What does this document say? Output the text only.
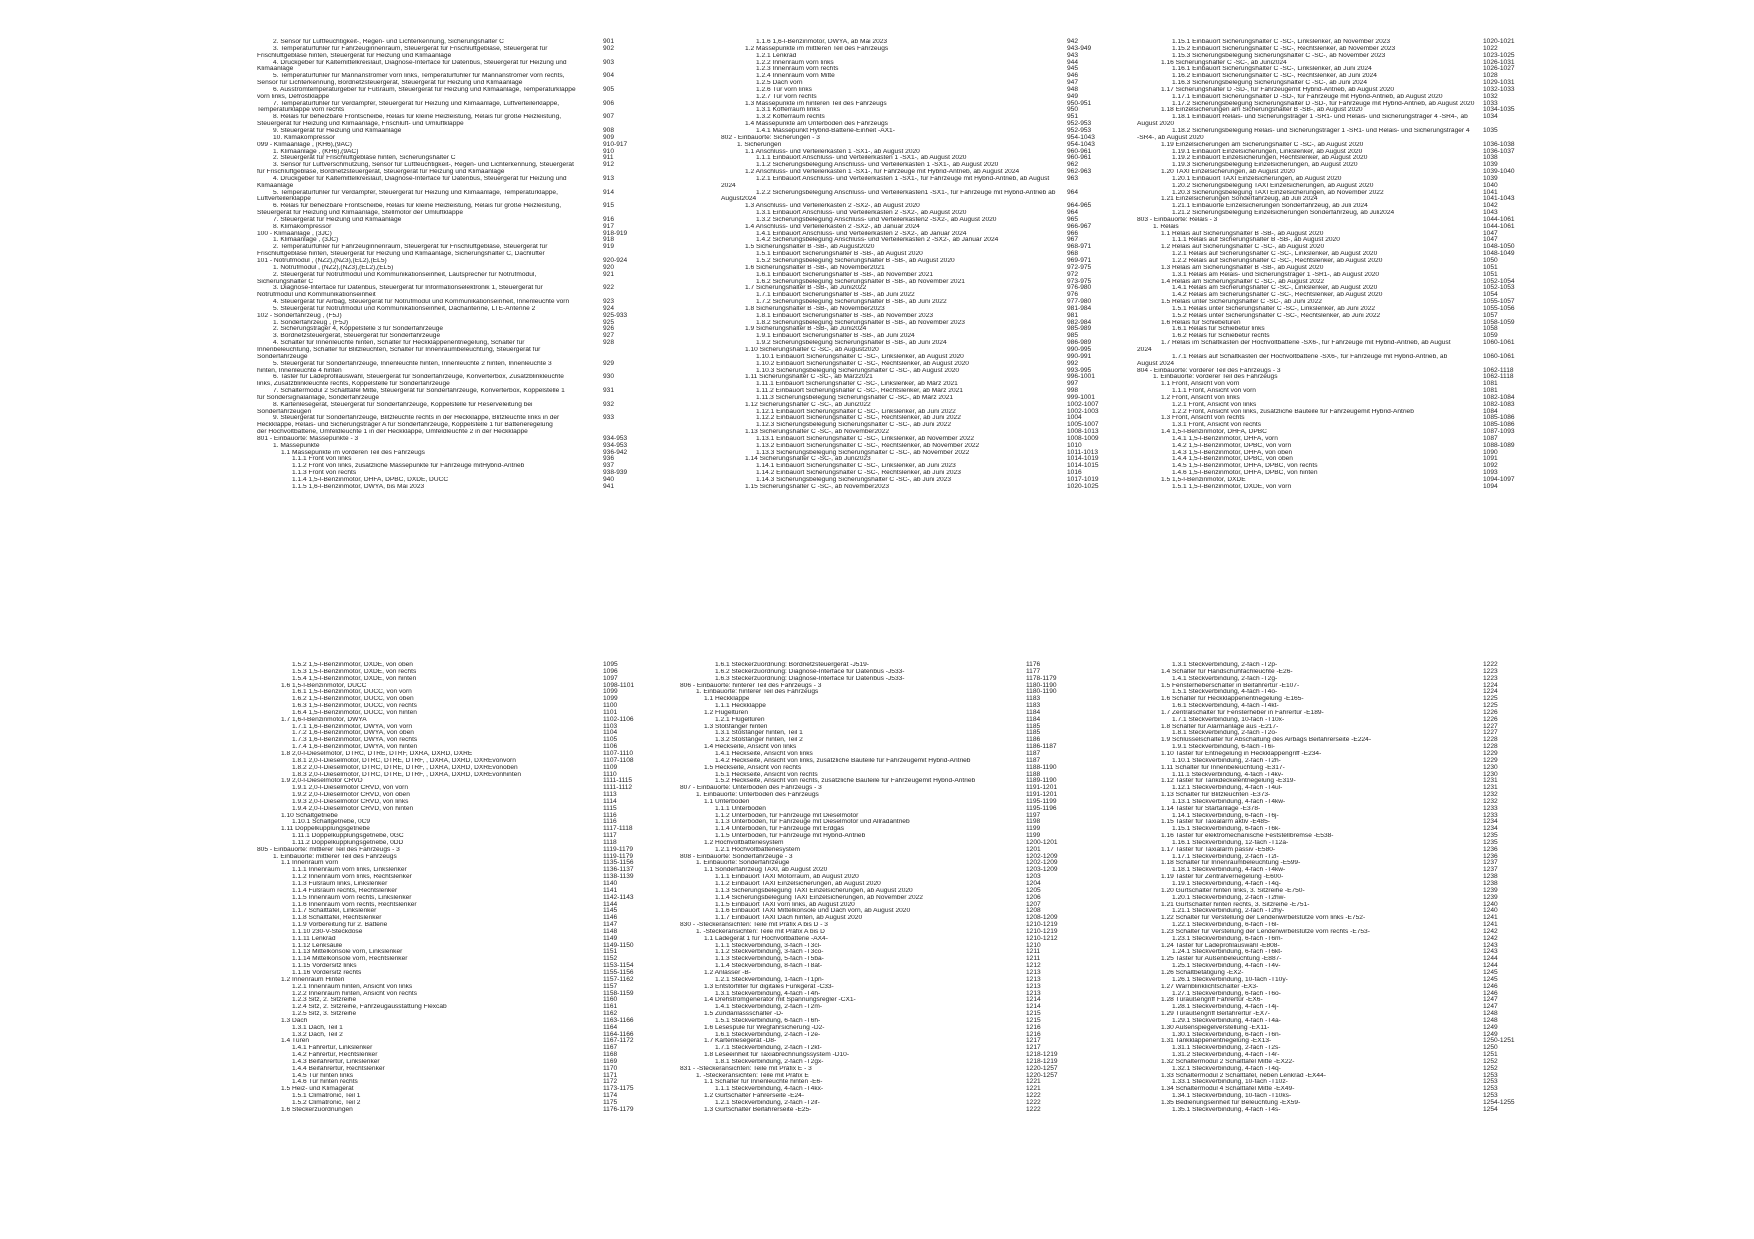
2. Sensor für Luftfeuchtigkeit-, Regen- und Lichterkennung, Sicherungshalter C	901
3. Temperaturfühler für Fahrzeuginnenraum, Steuergerät für Frischluftgebläse, Steuergerät für	902
Frischluftgebläse hinten, Steuergerät für Heizung und Klimaanlage
4. Druckgeber für Kältemittelkreislauf, Diagnose-Interface für Datenbus, Steuergerät für Heizung und	903
Klimaanlage
5. Temperaturfühler für Mannanströmer vorn links, Temperaturfühler für Mannanströmer vorn rechts,	904
Sensor für Lichterkennung, Bordnetzsteuergerät, Steuergerät für Heizung und Klimaanlage
6. Ausströmtemperaturgeber für Fußraum, Steuergerät für Heizung und Klimaanlage, Temperaturklappe	905
vorn links, Defrostklappe
7. Temperaturfühler für Verdampfer, Steuergerät für Heizung und Klimaanlage, Luftverteilerklappe,	906
Temperaturklappe vorn rechts
8. Relais für beheizbare Frontscheibe, Relais für kleine Heizleistung, Relais für große Heizleistung,	907
Steuergerät für Heizung und Klimaanlage, Frischluft- und Umluftklappe
9. Steuergerät für Heizung und Klimaanlage	908
10. Klimakompressor	909
099 - Klimaanlage , (KH6),(9AC)	910-917
1. Klimaanlage , (KH6),(9AC)	910
2. Steuergerät für Frischluftgebläse hinten, Sicherungshalter C	911
3. Sensor für Luftverschmutzung, Sensor für Luftfeuchtigkeit-, Regen- und Lichterkennung, Steuergerät	912
für Frischluftgebläse, Bordnetzsteuergerät, Steuergerät für Heizung und Klimaanlage
4. Druckgeber für Kältemittelkreislauf, Diagnose-Interface für Datenbus, Steuergerät für Heizung und	913
Klimaanlage
5. Temperaturfühler für Verdampfer, Steuergerät für Heizung und Klimaanlage, Temperaturklappe,	914
Luftverteilerklappe
6. Relais für beheizbare Frontscheibe, Relais für kleine Heizleistung, Relais für große Heizleistung,	915
Steuergerät für Heizung und Klimaanlage, Stellmotor der Umluftklappe
7. Steuergerät für Heizung und Klimaanlage	916
8. Klimakompressor	917
100 - Klimaanlage , (3JC)	918-919
1. Klimaanlage , (3JC)	918
2. Temperaturfühler für Fahrzeuginnenraum, Steuergerät für Frischluftgebläse, Steuergerät für	919
Frischluftgebläse hinten, Steuergerät für Heizung und Klimaanlage, Sicherungshalter C, Dachlüfter
101 - Notrufmodul , (NZ2),(NZ3),(EL2),(EL5)	920-924
1. Notrufmodul , (NZ2),(NZ3),(EL2),(EL5)	920
2. Steuergerät für Notrufmodul und Kommunikationseinheit, Lautsprecher für Notrufmodul,	921
Sicherungshalter C
3. Diagnose-Interface für Datenbus, Steuergerät für Informationselektronik 1, Steuergerät für	922
Notrufmodul und Kommunikationseinheit
4. Steuergerät für Airbag, Steuergerät für Notrufmodul und Kommunikationseinheit, Innenleuchte vorn	923
5. Steuergerät für Notrufmodul und Kommunikationseinheit, Dachantenne, LTE-Antenne 2	924
102 - Sonderfahrzeug , (F5J)	925-933
1. Sonderfahrzeug , (F5J)	925
2. Sicherungsträger 4, Koppelstelle 3 für Sonderfahrzeuge	926
3. Bordnetzsteuergerät, Steuergerät für Sonderfahrzeuge	927
4. Schalter für Innenleuchte hinten, Schalter für Heckklappenentriegelung, Schalter für	928
Innenbeleuchtung, Schalter für Blitzleuchten, Schalter für Innenraumbeleuchtung, Steuergerät für
Sonderfahrzeuge
5. Steuergerät für Sonderfahrzeuge, Innenleuchte hinten, Innenleuchte 2 hinten, Innenleuchte 3	929
hinten, Innenleuchte 4 hinten
6. Taster für Ladeprofilauswahl, Steuergerät für Sonderfahrzeuge, Konverterbox, Zusatzblinkleuchte	930
links, Zusatzblinkleuchte rechts, Koppelstelle für Sonderfahrzeuge
7. Schaltermodul 2 Schalttafel Mitte, Steuergerät für Sonderfahrzeuge, Konverterbox, Koppelstelle 1	931
für Sondersignalanlage, Sonderfahrzeuge
8. Kartenlesegerät, Steuergerät für Sonderfahrzeuge, Koppelstelle für Reserveleitung bei	932
Sonderfahrzeugen
9. Steuergerät für Sonderfahrzeuge, Blitzleuchte rechts in der Heckklappe, Blitzleuchte links in der	933
Heckklappe, Relais- und Sicherungsträger A für Sonderfahrzeuge, Koppelstelle 1 für Batterieregelung
der Hochvoltbatterie, Umfeldleuchte 1 in der Heckklappe, Umfeldleuchte 2 in der Heckklappe
801 - Einbauorte: Massepunkte - 3	934-953
1. Massepunkte	934-953
1.1 Massepunkte im vorderen Teil des Fahrzeugs	936-942
1.1.1 Front von links	936
1.1.2 Front von links, zusätzliche Massepunkte für Fahrzeuge mitHybrid-Antrieb	937
1.1.3 Front von rechts	938-939
1.1.4 1,5-l-Benzinmotor, DHFA, DPBC, DXDE, DUCC	940
1.1.5 1,6-l-Benzinmotor, DWYA, bis Mai 2023	941
1.1.6 1,6-l-Benzinmotor, DWYA, ab Mai 2023	942
1.2 Massepunkte im mittleren Teil des Fahrzeugs	943-949
1.2.1 Lenkrad	943
1.2.2 Innenraum vorn links	944
1.2.3 Innenraum vorn rechts	945
1.2.4 Innenraum vorn Mitte	946
1.2.5 Dach vorn	947
1.2.6 Tür vorn links	948
1.2.7 Tür vorn rechts	949
1.3 Massepunkte im hinteren Teil des Fahrzeugs	950-951
1.3.1 Kofferraum links	950
1.3.2 Kofferraum rechts	951
1.4 Massepunkte am Unterboden des Fahrzeugs	952-953
1.4.1 Massepunkt Hybrid-Batterie-Einheit -AX1-	952-953
802 - Einbauorte: Sicherungen - 3	954-1043
1. Sicherungen	954-1043
1.1 Anschluss- und Verteilerkasten 1 -SX1-, ab August 2020	960-961
1.1.1 Einbauort Anschluss- und Verteilerkasten 1 -SX1-, ab August 2020	960-961
1.1.2 Sicherungsbelegung Anschluss- und Verteilerkasten 1 -SX1-, ab August 2020	962
1.2 Anschluss- und Verteilerkasten 1 -SX1-, für Fahrzeuge mit Hybrid-Antrieb, ab August 2024	962-963
1.2.1 Einbauort Anschluss- und Verteilerkasten 1 -SX1-, für Fahrzeuge mit Hybrid-Antrieb, ab August	963
2024
1.2.2 Sicherungsbelegung Anschluss- und Verteilerkasten1 -SX1-, für Fahrzeuge mit Hybrid-Antrieb ab	964
August2024
1.3 Anschluss- und Verteilerkasten 2 -SX2-, ab August 2020	964-965
1.3.1 Einbauort Anschluss- und Verteilerkasten 2 -SX2-, ab August 2020	964
1.3.2 Sicherungsbelegung Anschluss- und Verteilerkasten2 -SX2-, ab August 2020	965
1.4 Anschluss- und Verteilerkasten 2 -SX2-, ab Januar 2024	966-967
1.4.1 Einbauort Anschluss- und Verteilerkasten 2 -SX2-, ab Januar 2024	966
1.4.2 Sicherungsbelegung Anschluss- und Verteilerkasten 2 -SX2-, ab Januar 2024	967
1.5 Sicherungshalter B -SB-, ab August2020	968-971
1.5.1 Einbauort Sicherungshalter B -SB-, ab August 2020	968
1.5.2 Sicherungsbelegung Sicherungshalter B -SB-, ab August 2020	969-971
1.6 Sicherungshalter B -SB-, ab November2021	972-975
1.6.1 Einbauort Sicherungshalter B -SB-, ab November 2021	972
1.6.2 Sicherungsbelegung Sicherungshalter B -SB-, ab November 2021	973-975
1.7 Sicherungshalter B -SB-, ab Juni2022	976-980
1.7.1 Einbauort Sicherungshalter B -SB-, ab Juni 2022	976
1.7.2 Sicherungsbelegung Sicherungshalter B -SB-, ab Juni 2022	977-980
1.8 Sicherungshalter B -SB-, ab November2023	981-984
1.8.1 Einbauort Sicherungshalter B -SB-, ab November 2023	981
1.8.2 Sicherungsbelegung Sicherungshalter B -SB-, ab November 2023	982-984
1.9 Sicherungshalter B -SB-, ab Juni2024	985-989
1.9.1 Einbauort Sicherungshalter B -SB-, ab Juni 2024	985
1.9.2 Sicherungsbelegung Sicherungshalter B -SB-, ab Juni 2024	986-989
1.10 Sicherungshalter C -SC-, ab August2020	990-995
1.10.1 Einbauort Sicherungshalter C -SC-, Linkslenker, ab August 2020	990-991
1.10.2 Einbauort Sicherungshalter C -SC-, Rechtslenker, ab August 2020	992
1.10.3 Sicherungsbelegung Sicherungshalter C -SC-, ab August 2020	993-995
1.11 Sicherungshalter C -SC-, ab März2021	996-1001
1.11.1 Einbauort Sicherungshalter C -SC-, Linkslenker, ab März 2021	997
1.11.2 Einbauort Sicherungshalter C -SC-, Rechtslenker, ab März 2021	998
1.11.3 Sicherungsbelegung Sicherungshalter C -SC-, ab März 2021	999-1001
1.12 Sicherungshalter C -SC-, ab Juni2022	1002-1007
1.12.1 Einbauort Sicherungshalter C -SC-, Linkslenker, ab Juni 2022	1002-1003
1.12.2 Einbauort Sicherungshalter C -SC-, Rechtslenker, ab Juni 2022	1004
1.12.3 Sicherungsbelegung Sicherungshalter C -SC-, ab Juni 2022	1005-1007
1.13 Sicherungshalter C -SC-, ab November2022	1008-1013
1.13.1 Einbauort Sicherungshalter C -SC-, Linkslenker, ab November 2022	1008-1009
1.13.2 Einbauort Sicherungshalter C -SC-, Rechtslenker, ab November 2022	1010
1.13.3 Sicherungsbelegung Sicherungshalter C -SC-, ab November 2022	1011-1013
1.14 Sicherungshalter C -SC-, ab Juni2023	1014-1019
1.14.1 Einbauort Sicherungshalter C -SC-, Linkslenker, ab Juni 2023	1014-1015
1.14.2 Einbauort Sicherungshalter C -SC-, Rechtslenker, ab Juni 2023	1016
1.14.3 Sicherungsbelegung Sicherungshalter C -SC-, ab Juni 2023	1017-1019
1.15 Sicherungshalter C -SC-, ab November2023	1020-1025
1.15.1 Einbauort Sicherungshalter C -SC-, Linkslenker, ab November 2023	1020-1021
1.15.2 Einbauort Sicherungshalter C -SC-, Rechtslenker, ab November 2023	1022
1.15.3 Sicherungsbelegung Sicherungshalter C -SC-, ab November 2023	1023-1025
1.16 Sicherungshalter C -SC-, ab Juni2024	1026-1031
1.16.1 Einbauort Sicherungshalter C -SC-, Linkslenker, ab Juni 2024	1026-1027
1.16.2 Einbauort Sicherungshalter C -SC-, Rechtslenker, ab Juni 2024	1028
1.16.3 Sicherungsbelegung Sicherungshalter C -SC-, ab Juni 2024	1029-1031
1.17 Sicherungshalter D -SD-, für Fahrzeugemit Hybrid-Antrieb, ab August 2020	1032-1033
1.17.1 Einbauort Sicherungshalter D -SD-, für Fahrzeuge mit Hybrid-Antrieb, ab August 2020	1032
1.17.2 Sicherungsbelegung Sicherungshalter D -SD-, für Fahrzeuge mit Hybrid-Antrieb, ab August 2020	1033
1.18 Einzelsicherungen am Sicherungshalter B -SB-, ab August 2020	1034-1035
1.18.1 Einbauort Relais- und Sicherungsträger 1 -SR1- und Relais- und Sicherungsträger 4 -SR4-, ab	1034
August 2020
1.18.2 Sicherungsbelegung Relais- und Sicherungsträger 1 -SR1- und Relais- und Sicherungsträger 4	1035
-SR4-, ab August 2020
1.19 Einzelsicherungen am Sicherungshalter C -SC-, ab August 2020	1036-1038
1.19.1 Einbauort Einzelsicherungen, Linkslenker, ab August 2020	1036-1037
1.19.2 Einbauort Einzelsicherungen, Rechtslenker, ab August 2020	1038
1.19.3 Sicherungsbelegung Einzelsicherungen, ab August 2020	1039
1.20 TAXI Einzelsicherungen, ab August 2020	1039-1040
1.20.1 Einbauort TAXI Einzelsicherungen, ab August 2020	1039
1.20.2 Sicherungsbelegung TAXI Einzelsicherungen, ab August 2020	1040
1.20.3 Sicherungsbelegung TAXI Einzelsicherungen, ab November 2022	1041
1.21 Einzelsicherungen Sonderfahrzeug, ab Juli 2024	1041-1043
1.21.1 Einbauorte Einzelsicherungen Sonderfahrzeug, ab Juli 2024	1042
1.21.2 Sicherungsbelegung Einzelsicherungen Sonderfahrzeug, ab Juli2024	1043
803 - Einbauorte: Relais - 3	1044-1061
1. Relais	1044-1061
1.1 Relais auf Sicherungshalter B -SB-, ab August 2020	1047
1.1.1 Relais auf Sicherungshalter B -SB-, ab August 2020	1047
1.2 Relais auf Sicherungshalter C -SC-, ab August 2020	1048-1050
1.2.1 Relais auf Sicherungshalter C -SC-, Linkslenker, ab August 2020	1048-1049
1.2.2 Relais auf Sicherungshalter C -SC-, Rechtslenker, ab August 2020	1050
1.3 Relais am Sicherungshalter B -SB-, ab August 2020	1051
1.3.1 Relais am Relais- und Sicherungsträger 1 -SR1-, ab August 2020	1051
1.4 Relais am Sicherungshalter C -SC-, ab August 2022	1052-1054
1.4.1 Relais am Sicherungshalter C -SC-, Linkslenker, ab August 2020	1052-1053
1.4.2 Relais am Sicherungshalter C -SC-, Rechtslenker, ab August 2020	1054
1.5 Relais unter Sicherungshalter C -SC-, ab Juni 2022	1055-1057
1.5.1 Relais unter Sicherungshalter C -SC-, Linkslenker, ab Juni 2022	1055-1056
1.5.2 Relais unter Sicherungshalter C -SC-, Rechtslenker, ab Juni 2022	1057
1.6 Relais für Schiebetüren	1058-1059
1.6.1 Relais für Schiebetür links	1058
1.6.2 Relais für Schiebetür rechts	1059
1.7 Relais im Schaltkasten der Hochvoltbatterie -SX6-, für Fahrzeuge mit Hybrid-Antrieb, ab August	1060-1061
2024
1.7.1 Relais auf Schaltkasten der Hochvoltbatterie -SX6-, für Fahrzeuge mit Hybrid-Antrieb, ab	1060-1061
August 2024
804 - Einbauorte: vorderer Teil des Fahrzeugs - 3	1062-1118
1. Einbauorte: vorderer Teil des Fahrzeugs	1062-1118
1.1 Front, Ansicht von vorn	1081
1.1.1 Front, Ansicht von vorn	1081
1.2 Front, Ansicht von links	1082-1084
1.2.1 Front, Ansicht von links	1082-1083
1.2.2 Front, Ansicht von links, zusätzliche Bauteile für Fahrzeugemit Hybrid-Antrieb	1084
1.3 Front, Ansicht von rechts	1085-1086
1.3.1 Front, Ansicht von rechts	1085-1086
1.4 1,5-l-Benzinmotor, DHFA, DPBC	1087-1093
1.4.1 1,5-l-Benzinmotor, DHFA, vorn	1087
1.4.2 1,5-l-Benzinmotor, DPBC, von vorn	1088-1089
1.4.3 1,5-l-Benzinmotor, DHFA, von oben	1090
1.4.4 1,5-l-Benzinmotor, DPBC, von oben	1091
1.4.5 1,5-l-Benzinmotor, DHFA, DPBC, von rechts	1092
1.4.6 1,5-l-Benzinmotor, DHFA, DPBC, von hinten	1093
1.5 1,5-l-Benzinmotor, DXDE	1094-1097
1.5.1 1,5-l-Benzinmotor, DXDE, von vorn	1094
1.5.2 1,5-l-Benzinmotor, DXDE, von oben	1095
1.5.3 1,5-l-Benzinmotor, DXDE, von rechts	1096
1.5.4 1,5-l-Benzinmotor, DXDE, von hinten	1097
1.6 1,5-l-Benzinmotor, DUCC	1098-1101
1.6.1 1,5-l-Benzinmotor, DUCC, von vorn	1099
1.6.2 1,5-l-Benzinmotor, DUCC, von oben	1099
1.6.3 1,5-l-Benzinmotor, DUCC, von rechts	1100
1.6.4 1,5-l-Benzinmotor, DUCC, von hinten	1101
1.7 1,6-l-Benzinmotor, DWYA	1102-1106
1.7.1 1,6-l-Benzinmotor, DWYA, von vorn	1103
1.7.2 1,6-l-Benzinmotor, DWYA, von oben	1104
1.7.3 1,6-l-Benzinmotor, DWYA, von rechts	1105
1.7.4 1,6-l-Benzinmotor, DWYA, von hinten	1106
1.8 2,0-l-Dieselmotor, DTRC, DTRE, DTRF, DXRA, DXRD, DXRE	1107-1110
1.8.1 2,0-l-Dieselmotor, DTRC, DTRE, DTRF, , DXRA, DXRD, DXREvonvorn	1107-1108
1.8.2 2,0-l-Dieselmotor, DTRC, DTRE, DTRF, , DXRA, DXRD, DXREvonoben	1109
1.8.3 2,0-l-Dieselmotor, DTRC, DTRE, DTRF, , DXRA, DXRD, DXREvonhinten	1110
1.9 2,0-l-Dieselmotor CRVD	1111-1115
1.9.1 2,0-l-Dieselmotor CRVD, von vorn	1111-1112
1.9.2 2,0-l-Dieselmotor CRVD, von oben	1113
1.9.3 2,0-l-Dieselmotor CRVD, von links	1114
1.9.4 2,0-l-Dieselmotor CRVD, von hinten	1115
1.10 Schaltgetriebe	1116
1.10.1 Schaltgetriebe, 0C9	1116
1.11 Doppelkupplungsgetriebe	1117-1118
1.11.1 Doppelkupplungsgetriebe, 0GC	1117
1.11.2 Doppelkupplungsgetriebe, 0DD	1118
805 - Einbauorte: mittlerer Teil des Fahrzeugs - 3	1119-1179
1. Einbauorte: mittlerer Teil des Fahrzeugs	1119-1179
1.1 Innenraum vorn	1135-1156
1.1.1 Innenraum vorn links, Linkslenker	1136-1137
1.1.2 Innenraum vorn links, Rechtslenker	1138-1139
1.1.3 Fußraum links, Linkslenker	1140
1.1.4 Fußraum rechts, Rechtslenker	1141
1.1.5 Innenraum vorn rechts, Linkslenker	1142-1143
1.1.6 Innenraum vorn rechts, Rechtslenker	1144
1.1.7 Schalttafel, Linkslenker	1145
1.1.8 Schalttafel, Rechtslenker	1146
1.1.9 Vorbereitung für 2. Batterie	1147
1.1.10 230-V-Steckdose	1148
1.1.11 Lenkrad	1149
1.1.12 Lenksäule	1149-1150
1.1.13 Mittelkonsole vorn, Linkslenker	1151
1.1.14 Mittelkonsole vorn, Rechtslenker	1152
1.1.15 Vordersitz links	1153-1154
1.1.16 Vordersitz rechts	1155-1156
1.2 Innenraum Hinten	1157-1162
1.2.1 Innenraum hinten, Ansicht von links	1157
1.2.2 Innenraum hinten, Ansicht von rechts	1158-1159
1.2.3 Sitz, 2. Sitzreihe	1160
1.2.4 Sitz, 2. Sitzreihe, Fahrzeugausstattung Flexcab	1161
1.2.5 Sitz, 3. Sitzreihe	1162
1.3 Dach	1163-1166
1.3.1 Dach, Teil 1	1164
1.3.2 Dach, Teil 2	1164-1166
1.4 Türen	1167-1172
1.4.1 Fahrertür, Linkslenker	1167
1.4.2 Fahrertür, Rechtslenker	1168
1.4.3 Beifahrertür, Linkslenker	1169
1.4.4 Beifahrertür, Rechtslenker	1170
1.4.5 Tür hinten links	1171
1.4.6 Tür hinten rechts	1172
1.5 Heiz- und Klimagerät	1173-1175
1.5.1 Climatronic, Teil 1	1174
1.5.2 Climatronic, Teil 2	1175
1.6 Steckerzuordnungen	1176-1179
1.6.1 Steckerzuordnung: Bordnetzsteuergerät -J519-	1176
1.6.2 Steckerzuordnung: Diagnose-Interface für Datenbus -J533-	1177
1.6.3 Steckerzuordnung: Diagnose-Interface für Datenbus -J533-	1178-1179
806 - Einbauorte: hinterer Teil des Fahrzeugs - 3	1180-1190
1. Einbauorte: hinterer Teil des Fahrzeugs	1180-1190
1.1 Heckklappe	1183
1.1.1 Heckklappe	1183
1.2 Flügeltüren	1184
1.2.1 Flügeltüren	1184
1.3 Stoßfänger hinten	1185
1.3.1 Stoßfänger hinten, Teil 1	1185
1.3.2 Stoßfänger hinten, Teil 2	1186
1.4 Heckseite, Ansicht von links	1186-1187
1.4.1 Heckseite, Ansicht von links	1187
1.4.2 Heckseite, Ansicht von links, zusätzliche Bauteile für Fahrzeugemit Hybrid-Antrieb	1187
1.5 Heckseite, Ansicht von rechts	1188-1190
1.5.1 Heckseite, Ansicht von rechts	1188
1.5.2 Heckseite, Ansicht von rechts, zusätzliche Bauteile für Fahrzeugemit Hybrid-Antrieb	1189-1190
807 - Einbauorte: Unterboden des Fahrzeugs - 3	1191-1201
1. Einbauorte: Unterboden des Fahrzeugs	1191-1201
1.1 Unterboden	1195-1199
1.1.1 Unterboden	1195-1196
1.1.2 Unterboden, für Fahrzeuge mit Dieselmotor	1197
1.1.3 Unterboden, für Fahrzeuge mit Dieselmotor und Allradantrieb	1198
1.1.4 Unterboden, für Fahrzeuge mit Erdgas	1199
1.1.5 Unterboden, für Fahrzeuge mit Hybrid-Antrieb	1199
1.2 Hochvoltbatteriesystem	1200-1201
1.2.1 Hochvoltbatteriesystem	1201
808 - Einbauorte: Sonderfahrzeuge - 3	1202-1209
1. Einbauorte: Sonderfahrzeuge	1202-1209
1.1 Sonderfahrzeug TAXI, ab August 2020	1203-1209
1.1.1 Einbauort TAXI Motorraum, ab August 2020	1203
1.1.2 Einbauort TAXI Einzelsicherungen, ab August 2020	1204
1.1.3 Sicherungsbelegung TAXI Einzelsicherungen, ab August 2020	1205
1.1.4 Sicherungsbelegung TAXI Einzelsicherungen, ab November 2022	1206
1.1.5 Einbauort TAXI vorn links, ab August 2020	1207
1.1.6 Einbauort TAXI Mittelkonsole und Dach vorn, ab August 2020	1208
1.1.7 Einbauort TAXI Dach hinten, ab August 2020	1208-1209
830 - -Steckeransichten: Teile mit Präfix A bis D - 3	1210-1219
1. -Steckeransichten: Teile mit Präfix A bis D	1210-1219
1.1 Ladegerät 1 für Hochvoltbatterie -AX4-	1210-1212
1.1.1 Steckverbindung, 3-fach -T3cl-	1210
1.1.2 Steckverbindung, 3-fach -T3co-	1211
1.1.3 Steckverbindung, 5-fach -T5ba-	1211
1.1.4 Steckverbindung, 8-fach -T8at-	1212
1.2 Anlasser -B-	1213
1.2.1 Steckverbindung, 1-fach -T1pn-	1213
1.3 Entstörfilter für digitales Funkgerät -C33-	1213
1.3.1 Steckverbindung, 4-fach -T4h-	1213
1.4 Drehstromgenerator mit Spannungsregler -CX1-	1214
1.4.1 Steckverbindung, 2-fach -T2m-	1214
1.5 Zündanlassschalter -D-	1215
1.5.1 Steckverbindung, 6-fach -T6h-	1215
1.6 Lesespule für Wegfahrsicherung -D2-	1216
1.6.1 Steckverbindung, 2-fach -T2e-	1216
1.7 Kartenlesegerät -D8-	1217
1.7.1 Steckverbindung, 2-fach -T2kt-	1217
1.8 Leseeinheit für Taxiabrechnungssystem -D10-	1218-1219
1.8.1 Steckverbindung, 2-fach -T2gx-	1218-1219
831 - -Steckeransichten: Teile mit Präfix E - 3	1220-1257
1. -Steckeransichten: Teile mit Präfix E	1220-1257
1.1 Schalter für Innenleuchte hinten -E6-	1221
1.1.1 Steckverbindung, 4-fach -T4kx-	1221
1.2 Gurtschalter Fahrerseite -E24-	1222
1.2.1 Steckverbindung, 2-fach -T2if-	1222
1.3 Gurtschalter Beifahrerseite -E25-	1222
1.3.1 Steckverbindung, 2-fach -T2p-	1222
1.4 Schalter für Handschuhfachleuchte -E26-	1223
1.4.1 Steckverbindung, 2-fach -T2g-	1223
1.5 Fensterheberschalter in Beifahrertür -E107-	1224
1.5.1 Steckverbindung, 4-fach -T4o-	1224
1.6 Schalter für Heckklappenentriegelung -E165-	1225
1.6.1 Steckverbindung, 4-fach -T4kt-	1225
1.7 Zentralschalter für Fensterheber in Fahrertür -E189-	1226
1.7.1 Steckverbindung, 10-fach -T10x-	1226
1.8 Schalter für Alarmanlage aus -E217-	1227
1.8.1 Steckverbindung, 2-fach -T2o-	1227
1.9 Schlüsselschalter für Abschaltung des Airbags Beifahrerseite -E224-	1228
1.9.1 Steckverbindung, 6-fach -T6i-	1228
1.10 Taster für Entriegelung in Heckklappengriff -E234-	1229
1.10.1 Steckverbindung, 2-fach -T2h-	1229
1.11 Schalter für Innenbeleuchtung -E317-	1230
1.11.1 Steckverbindung, 4-fach -T4kv-	1230
1.12 Taster für Tankdeckelentriegelung -E319-	1231
1.12.1 Steckverbindung, 4-fach -T4ul-	1231
1.13 Schalter für Blitzleuchten -E373-	1232
1.13.1 Steckverbindung, 4-fach -T4kw-	1232
1.14 Taster für Startanlage -E378-	1233
1.14.1 Steckverbindung, 6-fach -T6j-	1233
1.15 Taster für Taxialarm aktiv -E485-	1234
1.15.1 Steckverbindung, 6-fach -T6k-	1234
1.16 Taster für elektromechanische Feststellbremse -E538-	1235
1.16.1 Steckverbindung, 12-fach -T12a-	1235
1.17 Taster für Taxialarm passiv -E580-	1236
1.17.1 Steckverbindung, 2-fach -T2l-	1236
1.18 Schalter für Innenraumbeleuchtung -E599-	1237
1.18.1 Steckverbindung, 4-fach -T4kw-	1237
1.19 Taster für Zentralverriegelung -E600-	1238
1.19.1 Steckverbindung, 4-fach -T4q-	1238
1.20 Gurtschalter hinten links, 3. Sitzreihe -E750-	1239
1.20.1 Steckverbindung, 2-fach -T2hw-	1239
1.21 Gurtschalter hinten rechts, 3. Sitzreihe -E751-	1240
1.21.1 Steckverbindung, 2-fach -T2hy-	1240
1.22 Schalter für Verstellung der Lendenwirbelstütze vorn links -E752-	1241
1.22.1 Steckverbindung, 6-fach -T6l-	1241
1.23 Schalter für Verstellung der Lendenwirbelstütze vorn rechts -E753-	1242
1.23.1 Steckverbindung, 6-fach -T6m-	1242
1.24 Taster für Ladeprofilauswahl -E808-	1243
1.24.1 Steckverbindung, 6-fach -T6kt-	1243
1.25 Taster für Außenbeleuchtung -E887-	1244
1.25.1 Steckverbindung, 4-fach -T4v-	1244
1.26 Schaltbetätigung -EX2-	1245
1.26.1 Steckverbindung, 10-fach -T10y-	1245
1.27 Warnblinklichtschalter -EX3-	1246
1.27.1 Steckverbindung, 6-fach -T6o-	1246
1.28 Türaußengriff Fahrertür -EX6-	1247
1.28.1 Steckverbindung, 4-fach -T4j-	1247
1.29 Türaußengriff Beifahrertür -EX7-	1248
1.29.1 Steckverbindung, 4-fach -T4a-	1248
1.30 Außenspiegelverstellung -EX11-	1249
1.30.1 Steckverbindung, 6-fach -T6n-	1249
1.31 Tankklappenentriegelung -EX13-	1250-1251
1.31.1 Steckverbindung, 2-fach -T2s-	1250
1.31.2 Steckverbindung, 4-fach -T4r-	1251
1.32 Schaltermodul 2 Schalttafel Mitte -EX22-	1252
1.32.1 Steckverbindung, 4-fach -T4q-	1252
1.33 Schaltermodul 2 Schalttafel, neben Lenkrad -EX44-	1253
1.33.1 Steckverbindung, 10-fach -T10z-	1253
1.34 Schaltermodul 4 Schalttafel Mitte -EX49-	1253
1.34.1 Steckverbindung, 10-fach -T10ks-	1253
1.35 Bedienungseinheit für Beleuchtung -EX59-	1254-1255
1.35.1 Steckverbindung, 4-fach -T4s-	1254
